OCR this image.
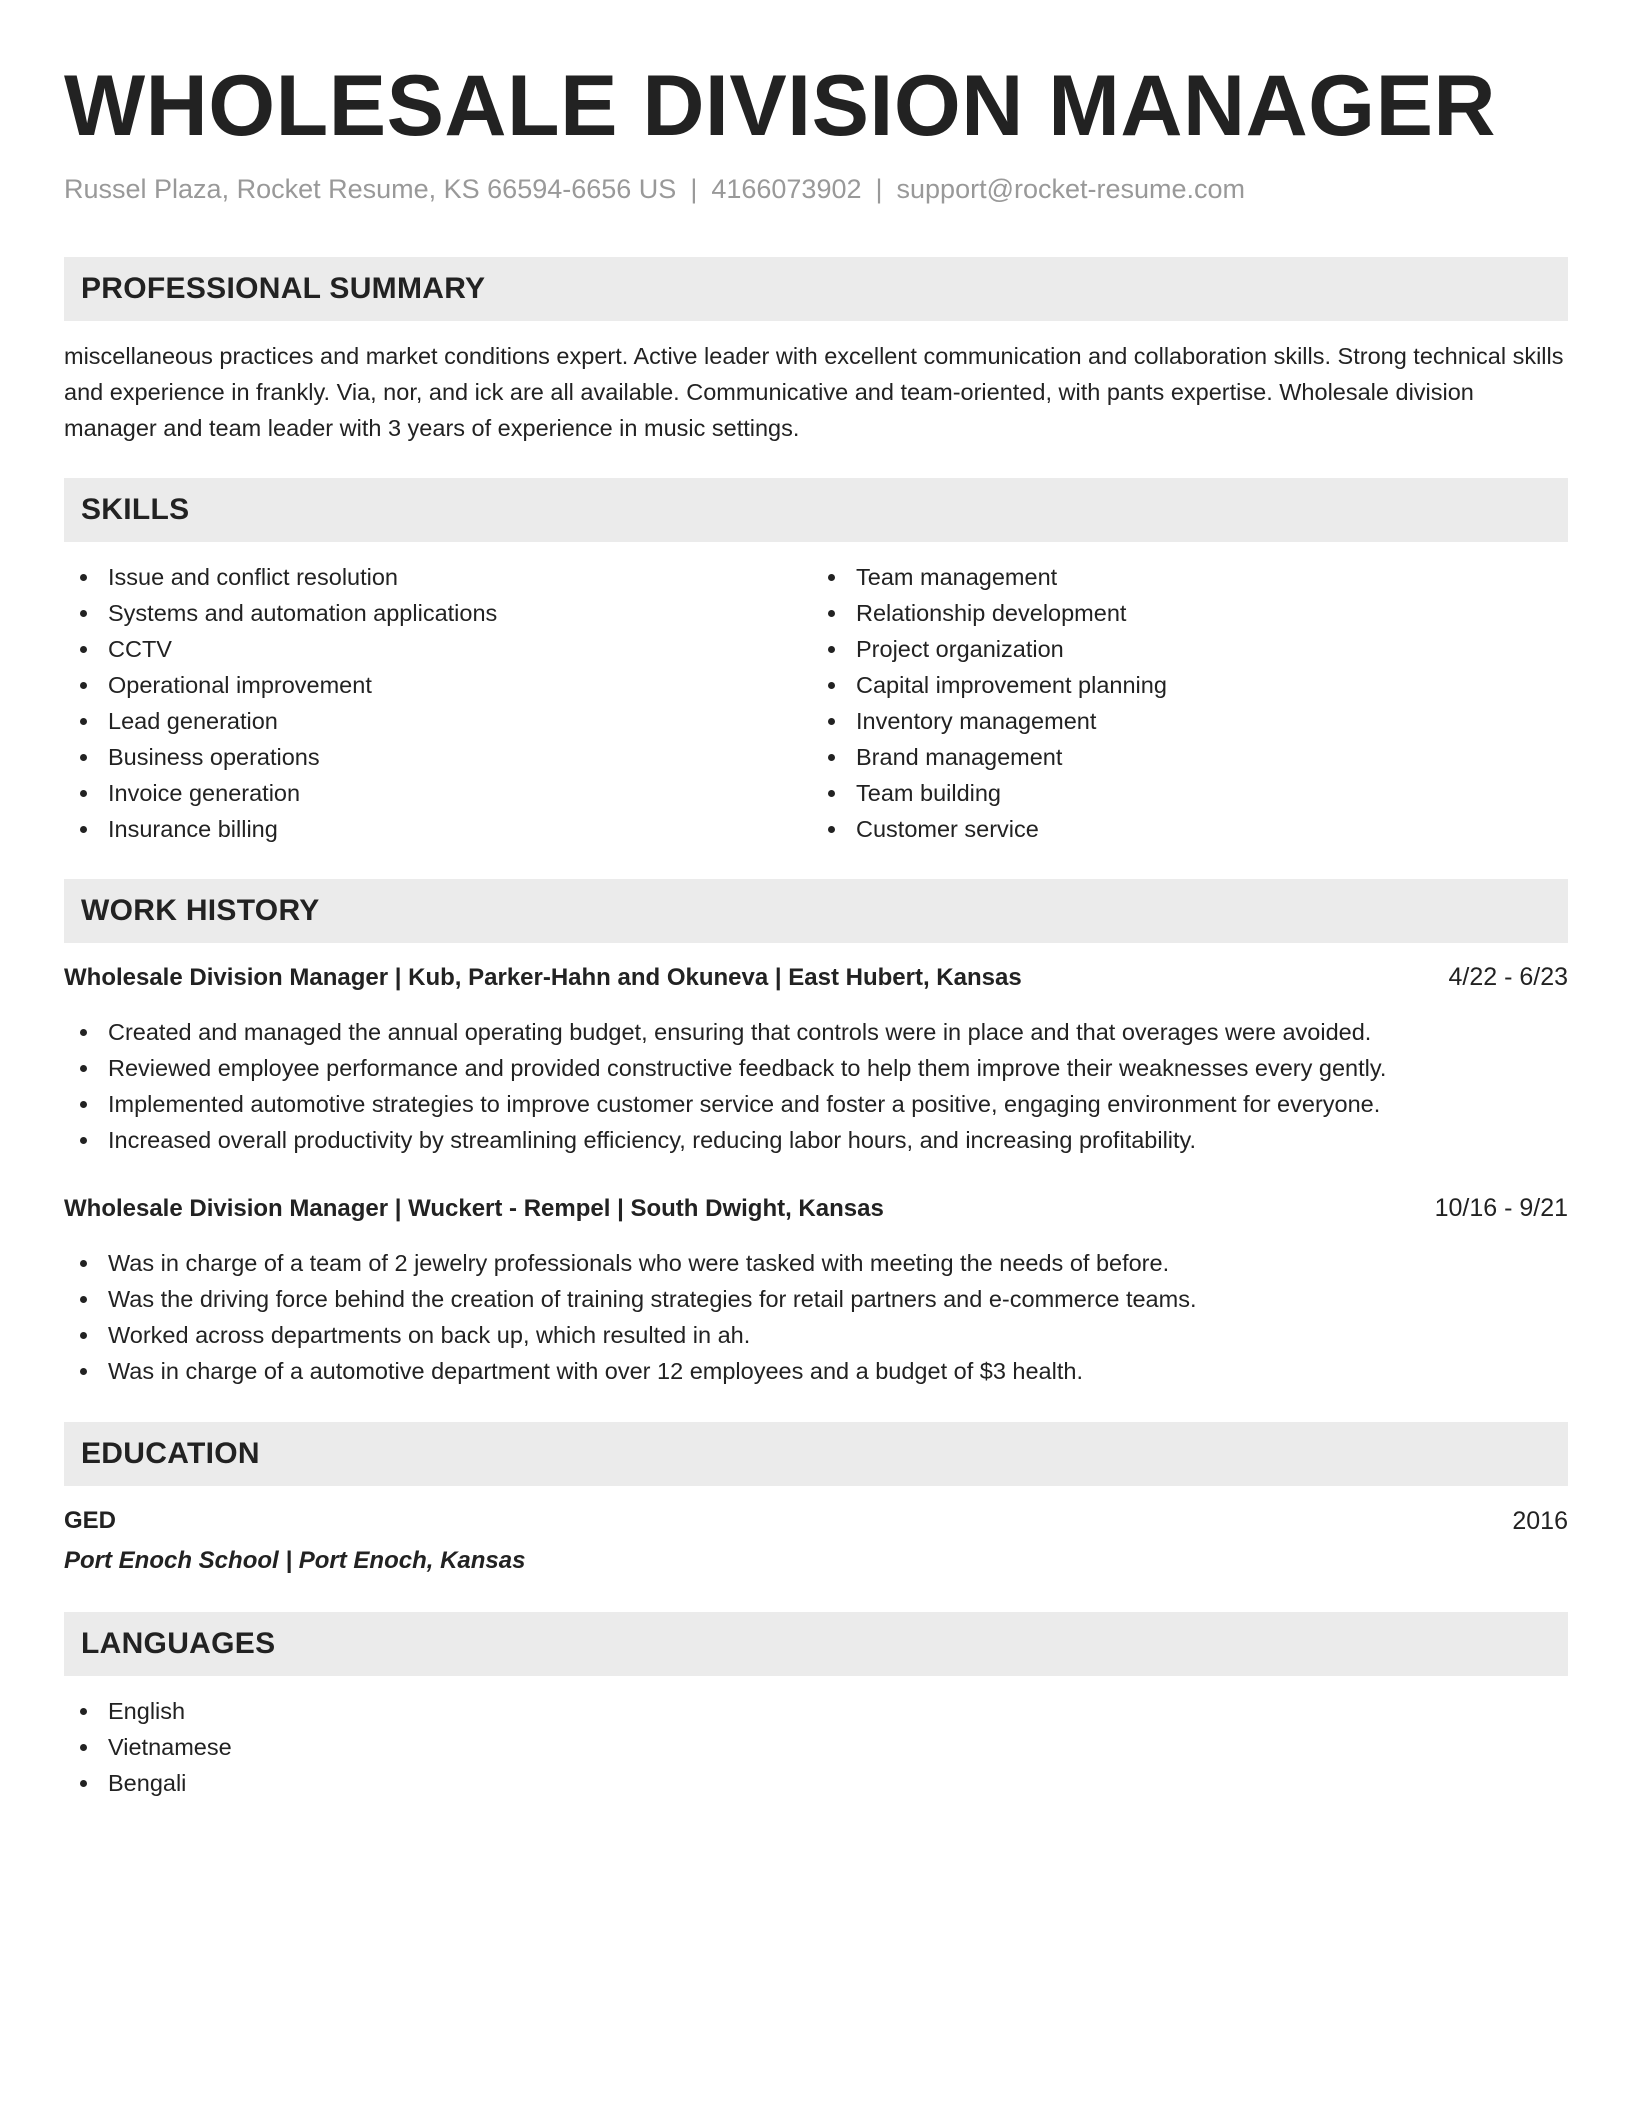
WHOLESALE DIVISION MANAGER
Russel Plaza, Rocket Resume, KS 66594-6656 US | 4166073902 | support@rocket-resume.com
PROFESSIONAL SUMMARY
miscellaneous practices and market conditions expert. Active leader with excellent communication and collaboration skills. Strong technical skills and experience in frankly. Via, nor, and ick are all available. Communicative and team-oriented, with pants expertise. Wholesale division manager and team leader with 3 years of experience in music settings.
SKILLS
Issue and conflict resolution
Systems and automation applications
CCTV
Operational improvement
Lead generation
Business operations
Invoice generation
Insurance billing
Team management
Relationship development
Project organization
Capital improvement planning
Inventory management
Brand management
Team building
Customer service
WORK HISTORY
Wholesale Division Manager | Kub, Parker-Hahn and Okuneva | East Hubert, Kansas	4/22 - 6/23
Created and managed the annual operating budget, ensuring that controls were in place and that overages were avoided.
Reviewed employee performance and provided constructive feedback to help them improve their weaknesses every gently.
Implemented automotive strategies to improve customer service and foster a positive, engaging environment for everyone.
Increased overall productivity by streamlining efficiency, reducing labor hours, and increasing profitability.
Wholesale Division Manager | Wuckert - Rempel | South Dwight, Kansas	10/16 - 9/21
Was in charge of a team of 2 jewelry professionals who were tasked with meeting the needs of before.
Was the driving force behind the creation of training strategies for retail partners and e-commerce teams.
Worked across departments on back up, which resulted in ah.
Was in charge of a automotive department with over 12 employees and a budget of $3 health.
EDUCATION
GED	2016
Port Enoch School | Port Enoch, Kansas
LANGUAGES
English
Vietnamese
Bengali
